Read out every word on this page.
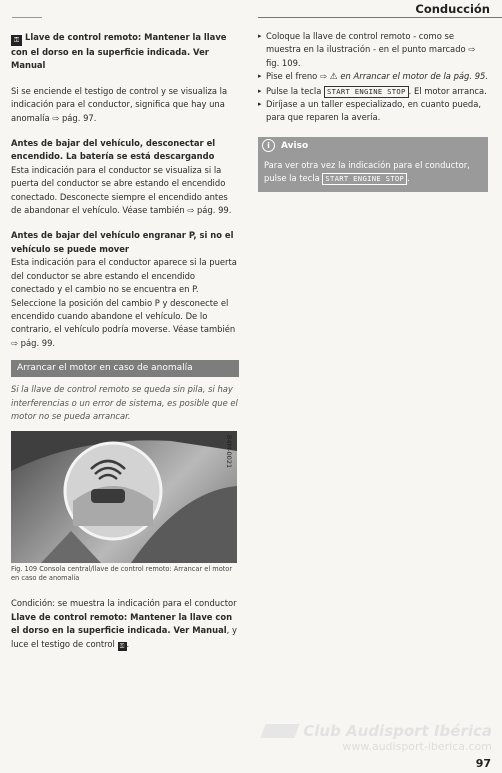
Conducción

⚿ Llave de control remoto: Mantener la llave con el dorso en la superficie indicada. Ver Manual

Si se enciende el testigo de control y se visualiza la indicación para el conductor, significa que hay una anomalía ⇨ pág. 97.

Antes de bajar del vehículo, desconectar el encendido. La batería se está descargando

Esta indicación para el conductor se visualiza si la puerta del conductor se abre estando el encendido conectado. Desconecte siempre el encendido antes de abandonar el vehículo. Véase también ⇨ pág. 99.

Antes de bajar del vehículo engranar P, si no el vehículo se puede mover

Esta indicación para el conductor aparece si la puerta del conductor se abre estando el encendido conectado y el cambio no se encuentra en P. Seleccione la posición del cambio P y desconecte el encendido cuando abandone el vehículo. De lo contrario, el vehículo podría moverse. Véase también ⇨ pág. 99.

Arrancar el motor en caso de anomalía

Si la llave de control remoto se queda sin pila, si hay interferencias o un error de sistema, es posible que el motor no se pueda arrancar.

B4M-0021

Fig. 109 Consola central/llave de control remoto: Arrancar el motor en caso de anomalía

Condición: se muestra la indicación para el conductor Llave de control remoto: Mantener la llave con el dorso en la superficie indicada. Ver Manual, y luce el testigo de control ⚿ .

▸ Coloque la llave de control remoto - como se muestra en la ilustración - en el punto marcado ⇨ fig. 109.

▸ Pise el freno ⇨ ⚠ en Arrancar el motor de la pág. 95.

▸ Pulse la tecla START ENGINE STOP . El motor arranca.

▸ Diríjase a un taller especializado, en cuanto pueda, para que reparen la avería.

i Aviso
Para ver otra vez la indicación para el conductor, pulse la tecla START ENGINE STOP .
Club Audisport Ibérica
www.audisport-iberica.com
97
